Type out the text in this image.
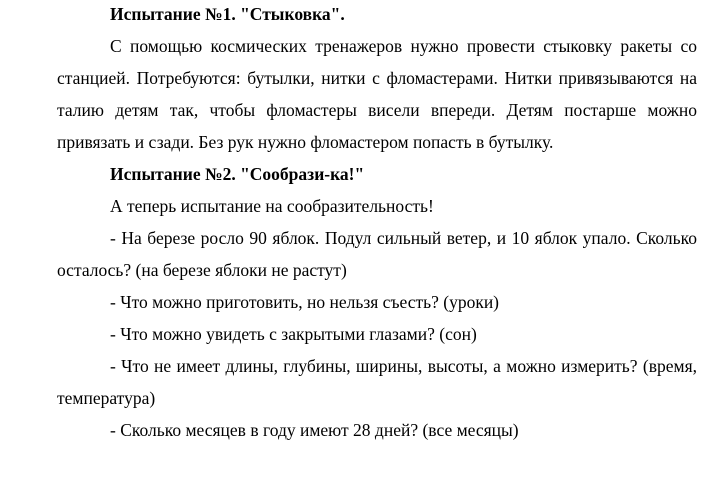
Испытание №1. "Стыковка".

С помощью космических тренажеров нужно провести стыковку ракеты со станцией. Потребуются: бутылки, нитки с фломастерами. Нитки привязываются на талию детям так, чтобы фломастеры висели впереди. Детям постарше можно привязать и сзади. Без рук нужно фломастером попасть в бутылку.

Испытание №2. "Сообрази-ка!"

А теперь испытание на сообразительность!

- На березе росло 90 яблок. Подул сильный ветер, и 10 яблок упало. Сколько осталось? (на березе яблоки не растут)

- Что можно приготовить, но нельзя съесть? (уроки)

- Что можно увидеть с закрытыми глазами? (сон)

- Что не имеет длины, глубины, ширины, высоты, а можно измерить? (время, температура)

- Сколько месяцев в году имеют 28 дней? (все месяцы)
